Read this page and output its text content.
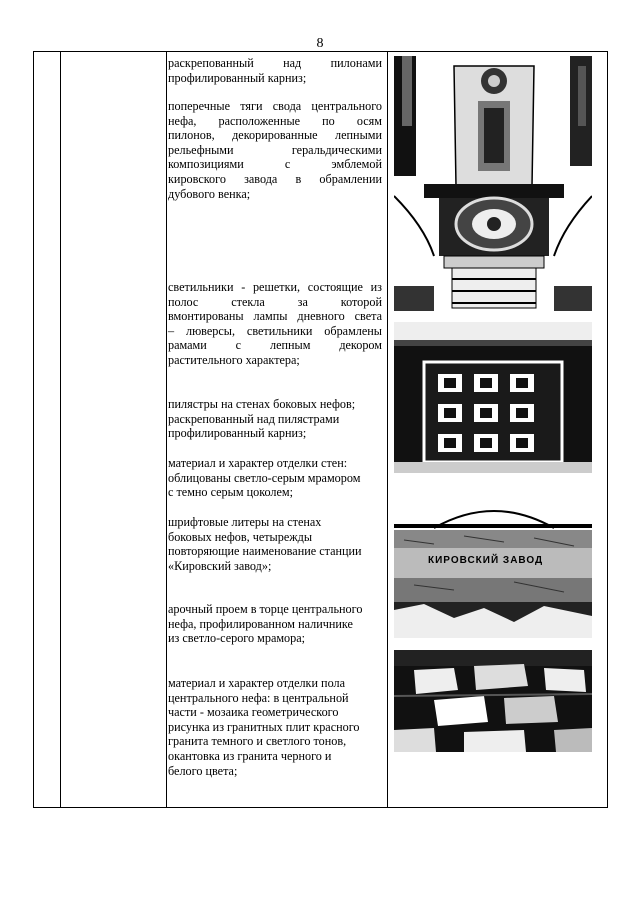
8
раскрепованный над пилонами
профилированный карниз;
поперечные тяги свода центрального
нефа, расположенные по осям
пилонов, декорированные лепными
рельефными геральдическими
композициями с эмблемой
кировского завода в обрамлении
дубового венка;
светильники - решетки, состоящие из
полос стекла за которой
вмонтированы лампы дневного света
– люверсы, светильники обрамлены
рамами с лепным декором
растительного характера;
пилястры на стенах боковых нефов;
раскрепованный над пилястрами
профилированный карниз;
материал и характер отделки стен:
облицованы светло-серым мрамором
с темно серым цоколем;
шрифтовые литеры на стенах
боковых нефов, четырежды
повторяющие наименование станции
«Кировский завод»;
арочный проем в торце центрального
нефа, профилированном наличнике
из светло-серого мрамора;
материал и характер отделки пола
центрального нефа: в центральной
части - мозаика геометрического
рисунка из гранитных плит красного
гранита темного и светлого тонов,
окантовка из гранита черного и
белого цвета;
КИРОВСКИЙ ЗАВОД
